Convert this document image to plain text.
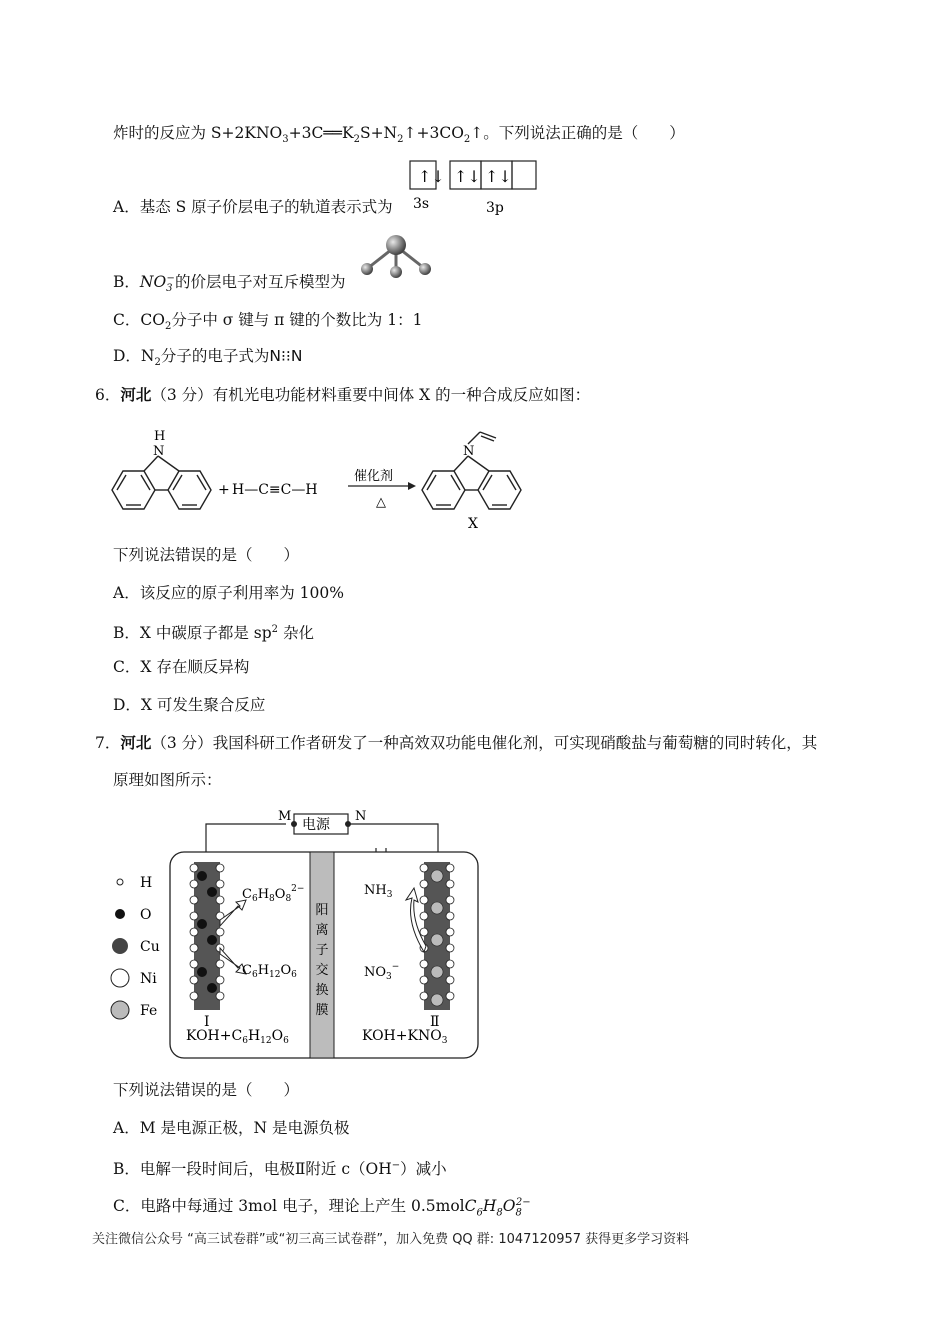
炸时的反应为 $S+2KNO_3+3C══K_2S+N_2↑+3CO_2↑$。下列说法正确的是（　　）
A．基态 S 原子价层电子的轨道表示式为
↑↓ ↑↓ ↑↓
3s	3p
B．$NO_3^-$的价层电子对互斥模型为
C．$CO_2$分子中 σ 键与 π 键的个数比为 1：1
D．$N_2$分子的电子式为N⁝⁝N
6．河北（3 分）有机光电功能材料重要中间体 X 的一种合成反应如图：
H
N
+ H—C≡C—H
催化剂
△
N
X
下列说法错误的是（　　）
A．该反应的原子利用率为 100%
B．X 中碳原子都是 $sp^2$ 杂化
C．X 存在顺反异构
D．X 可发生聚合反应
7．河北（3 分）我国科研工作者研发了一种高效双功能电催化剂，可实现硝酸盐与葡萄糖的同时转化，其
原理如图所示：
电源
M	N
阳
离
子
交
换
膜
H
O
Cu
Ni
Fe
Ⅰ
$C_6H_8O_8^{2-}$
$C_6H_{12}O_6$
$KOH+C_6H_{12}O_6$
Ⅱ
$NH_3$
$NO_3^-$
$KOH+KNO_3$
下列说法错误的是（　　）
A．M 是电源正极，N 是电源负极
B．电解一段时间后，电极Ⅱ附近 c（OH−）减小
C．电路中每通过 3mol 电子，理论上产生 $0.5molC_6H_8O_8^{2-}$
关注微信公众号 “高三试卷群”或“初三高三试卷群”，加入免费 QQ 群: 1047120957 获得更多学习资料
